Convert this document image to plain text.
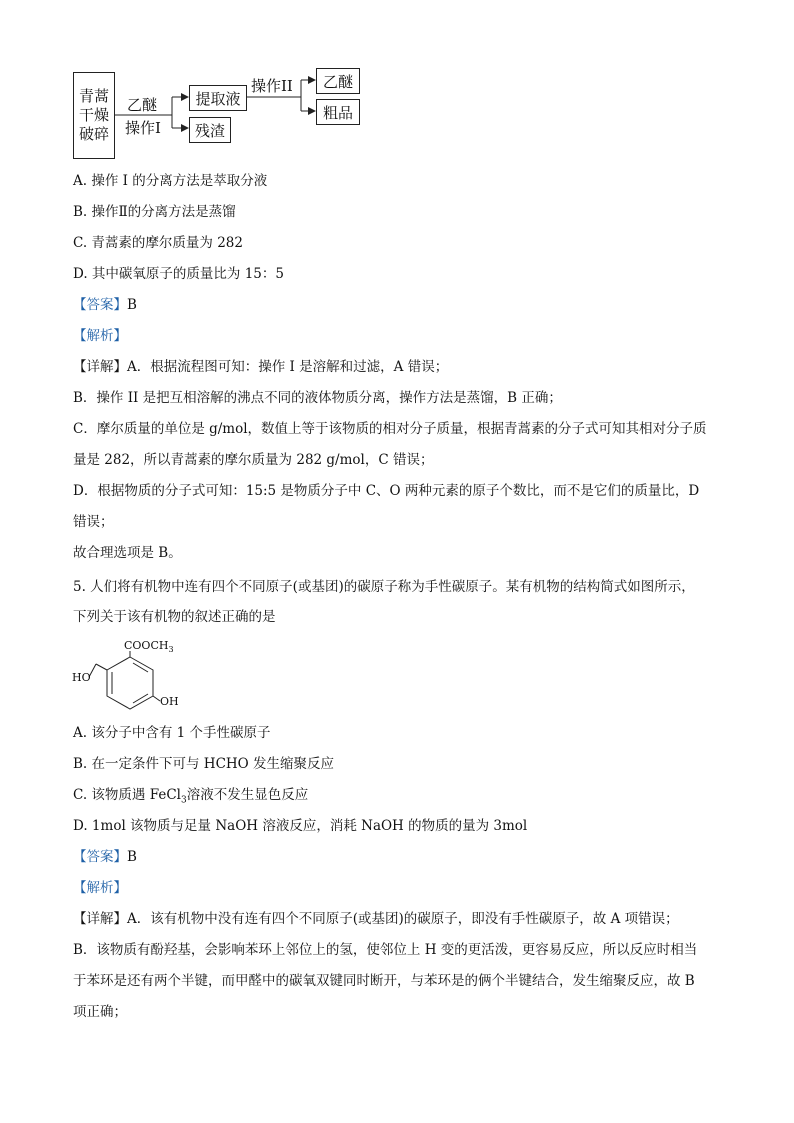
青蒿
干燥
破碎
乙醚
操作I
提取液
残渣
操作II	乙醚
粗品
A. 操作 I 的分离方法是萃取分液
B. 操作Ⅱ的分离方法是蒸馏
C. 青蒿素的摩尔质量为 282
D. 其中碳氧原子的质量比为 15：5
【答案】B
【解析】
【详解】A．根据流程图可知：操作 I 是溶解和过滤，A 错误；
B．操作 II 是把互相溶解的沸点不同的液体物质分离，操作方法是蒸馏，B 正确；
C．摩尔质量的单位是 g/mol，数值上等于该物质的相对分子质量，根据青蒿素的分子式可知其相对分子质
量是 282，所以青蒿素的摩尔质量为 282 g/mol，C 错误；
D．根据物质的分子式可知：15:5 是物质分子中 C、O 两种元素的原子个数比，而不是它们的质量比，D
错误；
故合理选项是 B。
5. 人们将有机物中连有四个不同原子(或基团)的碳原子称为手性碳原子。某有机物的结构简式如图所示，
下列关于该有机物的叙述正确的是
$COOCH_3$
HO
OH
A. 该分子中含有 1 个手性碳原子
B. 在一定条件下可与 HCHO 发生缩聚反应
C. 该物质遇 FeCl$_3$溶液不发生显色反应
D. 1mol 该物质与足量 NaOH 溶液反应，消耗 NaOH 的物质的量为 3mol
【答案】B
【解析】
【详解】A．该有机物中没有连有四个不同原子(或基团)的碳原子，即没有手性碳原子，故 A 项错误；
B．该物质有酚羟基，会影响苯环上邻位上的氢，使邻位上 H 变的更活泼，更容易反应，所以反应时相当
于苯环是还有两个半键，而甲醛中的碳氧双键同时断开，与苯环是的俩个半键结合，发生缩聚反应，故 B
项正确；
